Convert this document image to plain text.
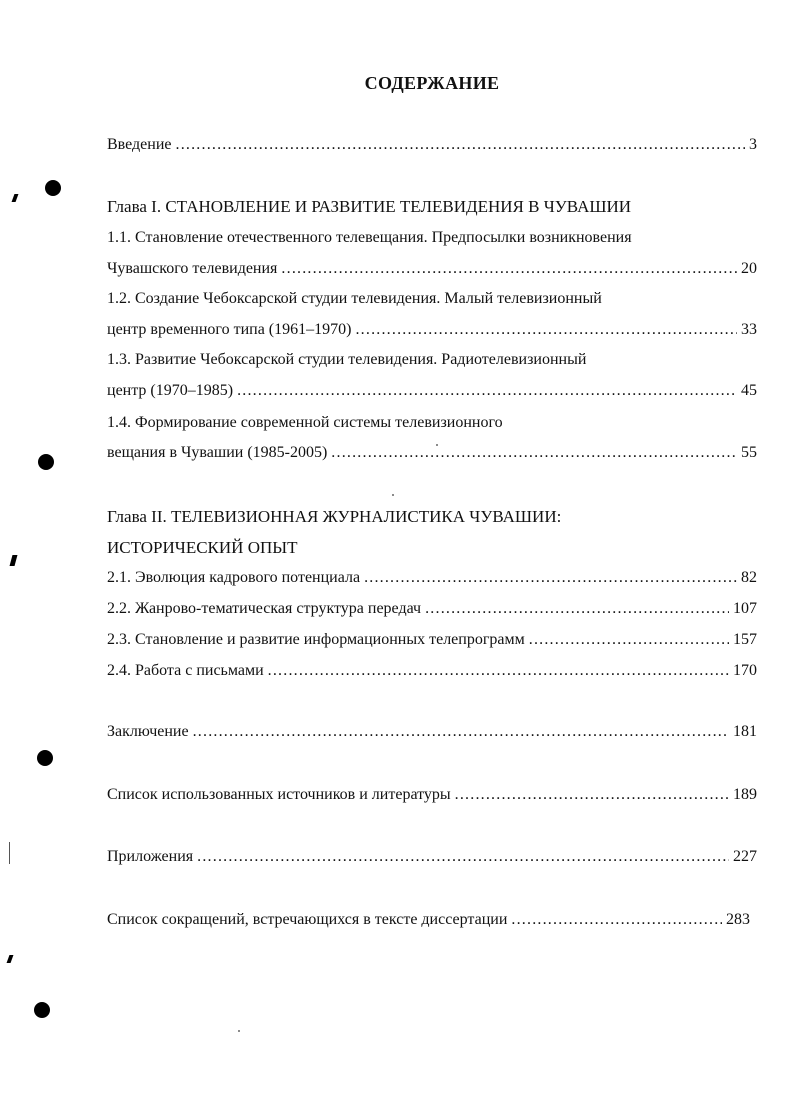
СОДЕРЖАНИЕ
Введение .....	3
Глава I. СТАНОВЛЕНИЕ И РАЗВИТИЕ ТЕЛЕВИДЕНИЯ В ЧУВАШИИ
1.1. Становление отечественного телевещания. Предпосылки возникновения
Чувашского телевидения .....	20
1.2. Создание Чебоксарской студии телевидения. Малый телевизионный
центр временного типа (1961–1970) .....	33
1.3. Развитие Чебоксарской студии телевидения. Радиотелевизионный
центр (1970–1985) .....	45
1.4. Формирование современной системы телевизионного
вещания в Чувашии (1985-2005) .....	55
Глава II. ТЕЛЕВИЗИОННАЯ ЖУРНАЛИСТИКА ЧУВАШИИ:
ИСТОРИЧЕСКИЙ ОПЫТ
2.1. Эволюция кадрового потенциала .....	82
2.2. Жанрово-тематическая структура передач .....	107
2.3. Становление и развитие информационных телепрограмм .....	157
2.4. Работа с письмами .....	170
Заключение .....	181
Список использованных источников и литературы .....	189
Приложения .....	227
Список сокращений, встречающихся в тексте диссертации .....	283
